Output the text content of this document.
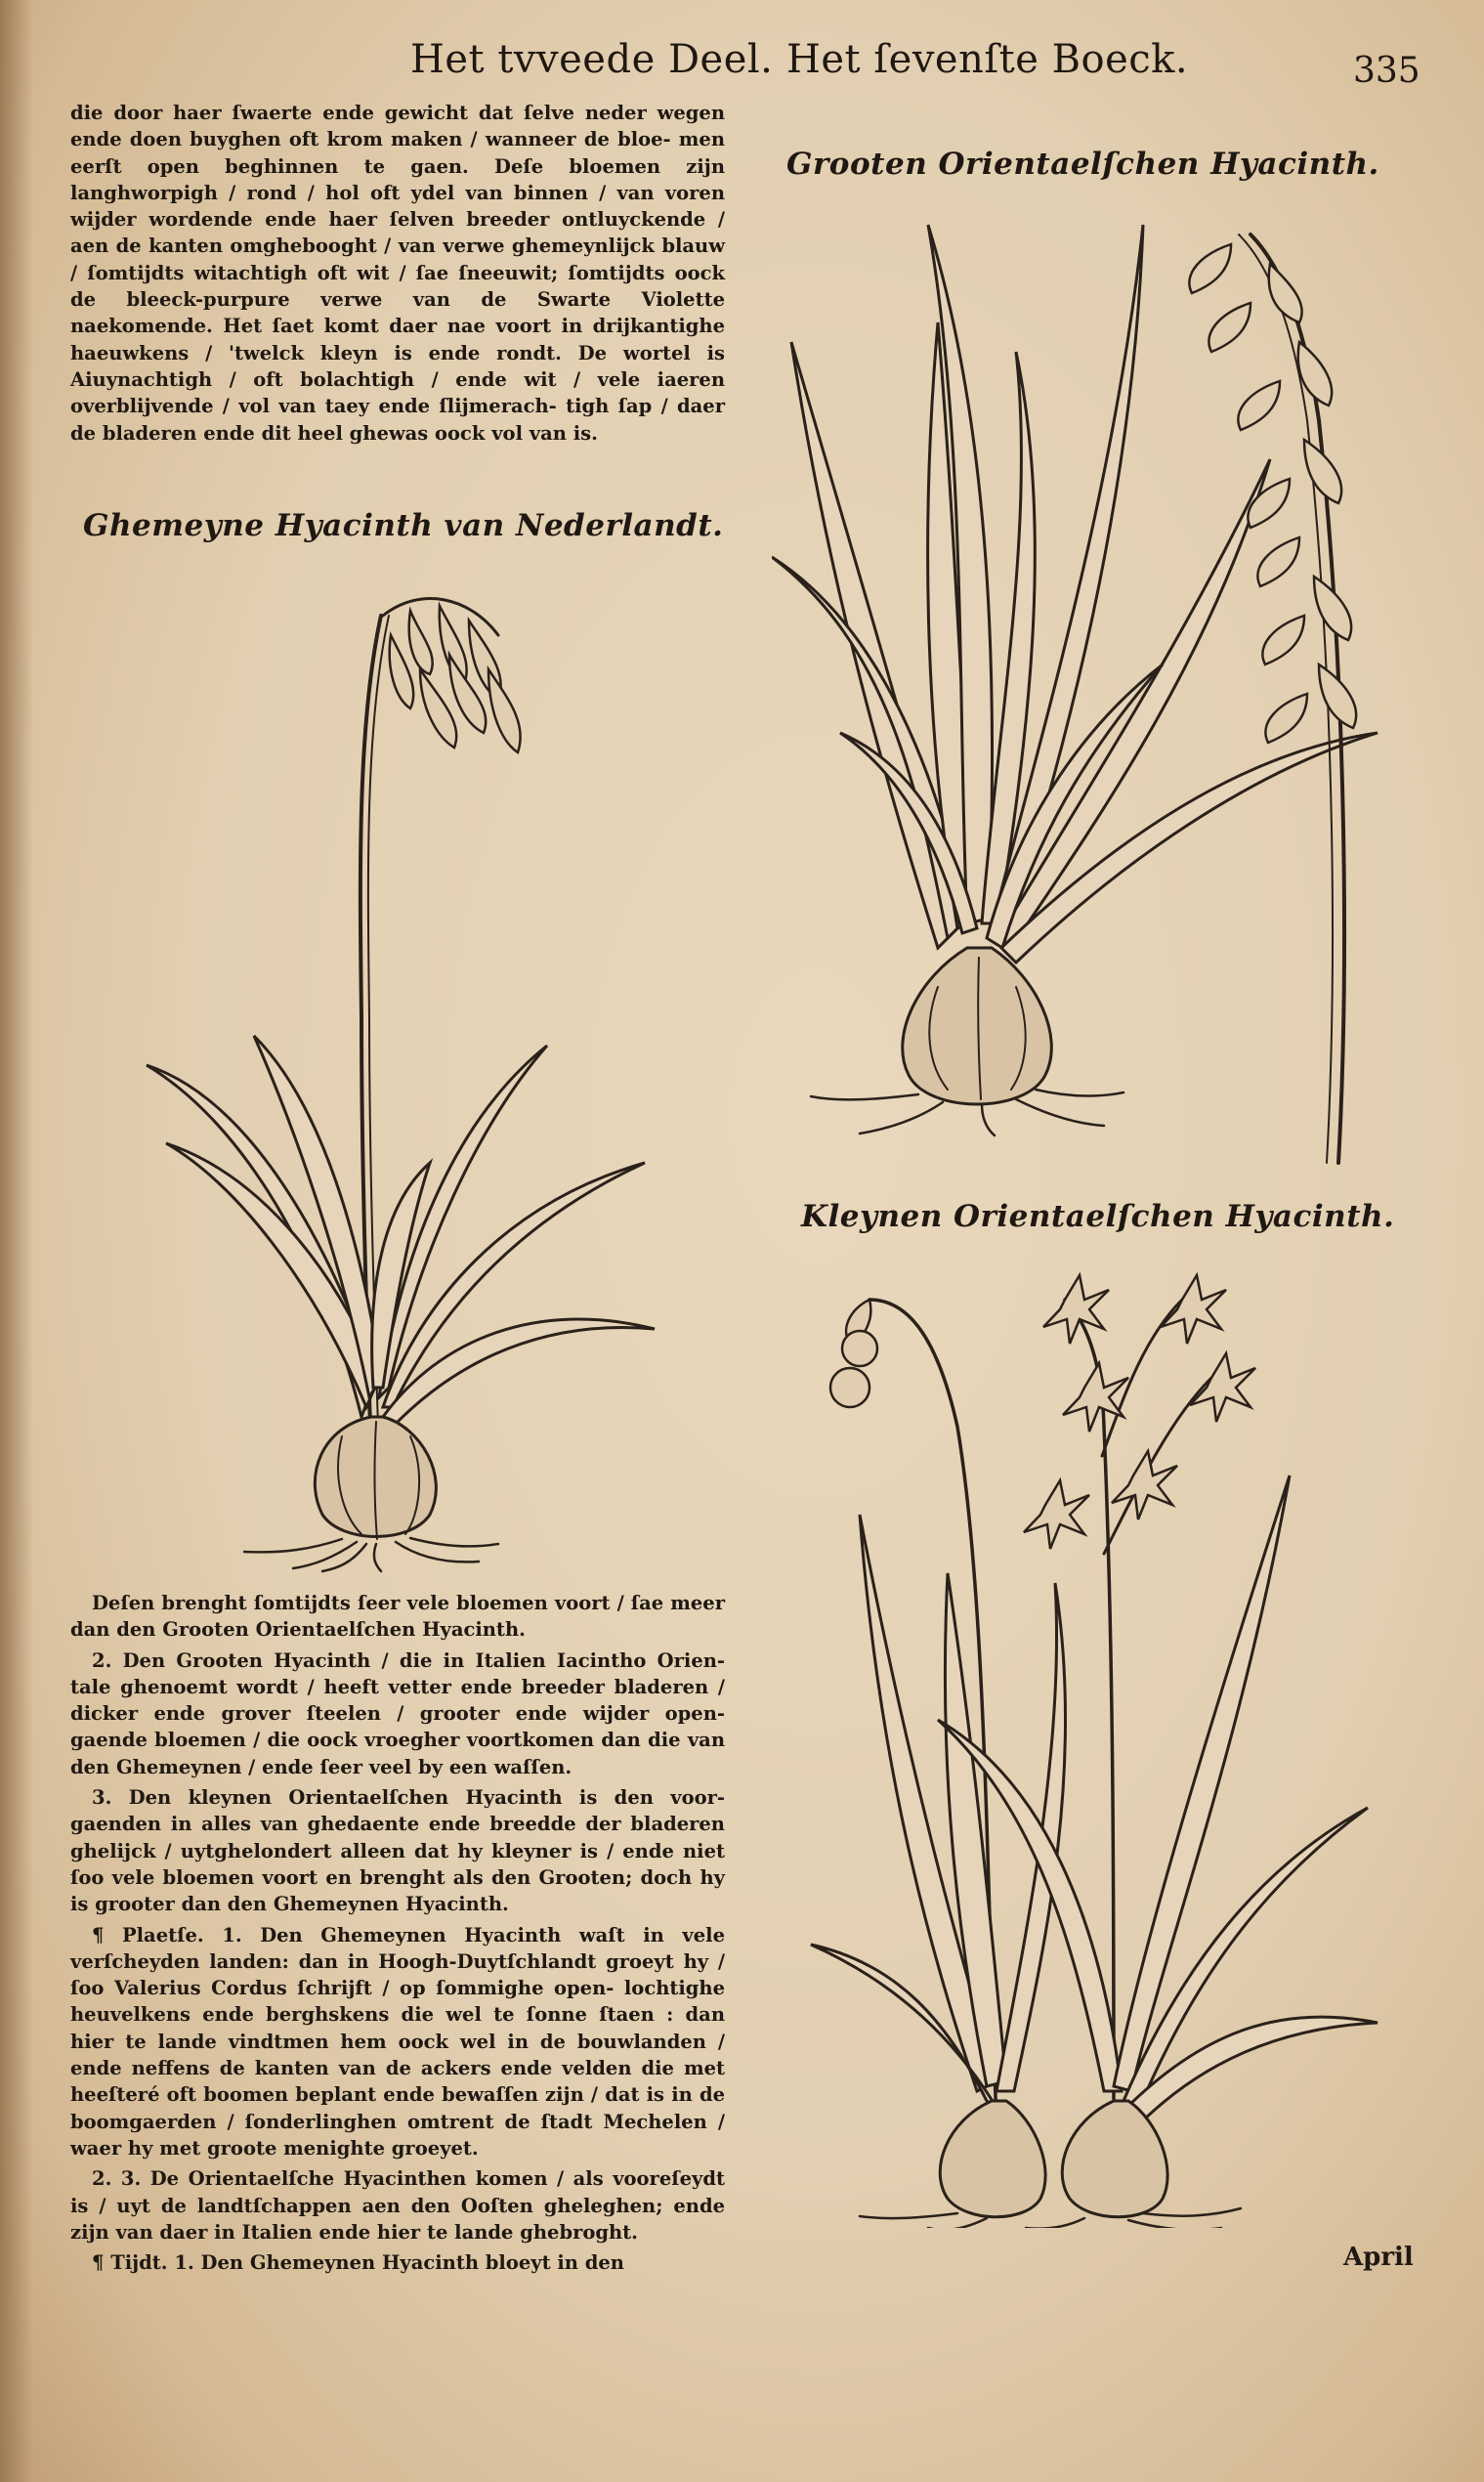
Het tvveede Deel. Het ſevenſte Boeck.	335

die door haer ſwaerte ende gewicht dat ſelve neder wegen ende doen buyghen oft krom maken / wanneer de bloe- men eerſt open beghinnen te gaen. Deſe bloemen zijn langhworpigh / rond / hol oft ydel van binnen / van voren wijder wordende ende haer ſelven breeder ontluyckende / aen de kanten omghebooght / van verwe ghemeynlijck blauw / ſomtijdts witachtigh oft wit / ſae ſneeuwit; ſomtijdts oock de bleeck-purpure verwe van de Swarte Violette naekomende. Het ſaet komt daer nae voort in drijkantighe haeuwkens / 'twelck kleyn is ende rondt. De wortel is Aiuynachtigh / oft bolachtigh / ende wit / vele iaeren overblijvende / vol van taey ende ſlijmerach- tigh ſap / daer de bladeren ende dit heel ghewas oock vol van is.

Ghemeyne Hyacinth van Nederlandt.
Grooten Orientaelſchen Hyacinth.
Kleynen Orientaelſchen Hyacinth.

Deſen brenght ſomtijdts ſeer vele bloemen voort / ſae meer dan den Grooten Orientaelſchen Hyacinth.

2. Den Grooten Hyacinth / die in Italien Iacintho Orien- tale ghenoemt wordt / heeft vetter ende breeder bladeren / dicker ende grover ſteelen / grooter ende wijder open- gaende bloemen / die oock vroegher voortkomen dan die van den Ghemeynen / ende ſeer veel by een waſſen.

3. Den kleynen Orientaelſchen Hyacinth is den voor- gaenden in alles van ghedaente ende breedde der bladeren ghelijck / uytghelondert alleen dat hy kleyner is / ende niet ſoo vele bloemen voort en brenght als den Grooten; doch hy is grooter dan den Ghemeynen Hyacinth.

¶ Plaetſe. 1. Den Ghemeynen Hyacinth waſt in vele verſcheyden landen: dan in Hoogh-Duytſchlandt groeyt hy / ſoo Valerius Cordus ſchrijft / op ſommighe open- lochtighe heuvelkens ende berghskens die wel te ſonne ſtaen : dan hier te lande vindtmen hem oock wel in de bouwlanden / ende neffens de kanten van de ackers ende velden die met heeſteré oft boomen beplant ende bewaſſen zijn / dat is in de boomgaerden / ſonderlinghen omtrent de ſtadt Mechelen / waer hy met groote menighte groeyet.

2. 3. De Orientaelſche Hyacinthen komen / als vooreſeydt is / uyt de landtſchappen aen den Ooſten gheleghen; ende zijn van daer in Italien ende hier te lande ghebroght.

¶ Tijdt. 1. Den Ghemeynen Hyacinth bloeyt in den	April
